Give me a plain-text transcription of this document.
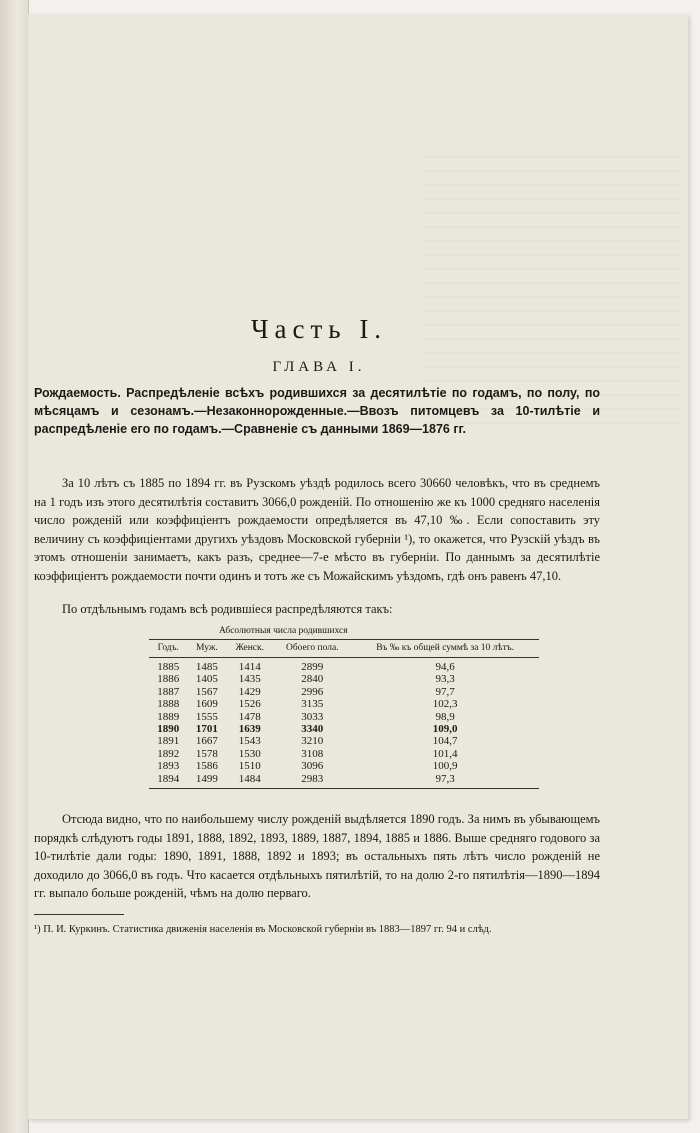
Часть I.
ГЛАВА I.
Рождаемость. Распредѣленіе всѣхъ родившихся за десятилѣтіе по годамъ, по полу, по мѣсяцамъ и сезонамъ.—Незаконнорожденные.—Ввозъ питомцевъ за 10-тилѣтіе и распредѣленіе его по годамъ.—Сравненіе съ данными 1869—1876 гг.
За 10 лѣтъ съ 1885 по 1894 гг. въ Рузскомъ уѣздѣ родилось всего 30660 человѣкъ, что въ среднемъ на 1 годъ изъ этого десятилѣтія составитъ 3066,0 рожденій. По отношенію же къ 1000 средняго населенія число рожденій или коэффиціентъ рождаемости опредѣляется въ 47,10 ‰. Если сопоставить эту величину съ коэффиціентами другихъ уѣздовъ Московской губерніи ¹), то окажется, что Рузскій уѣздъ въ этомъ отношеніи занимаетъ, какъ разъ, среднее—7-е мѣсто въ губерніи. По даннымъ за десятилѣтіе коэффиціентъ рождаемости почти одинъ и тотъ же съ Можайскимъ уѣздомъ, гдѣ онъ равенъ 47,10.
По отдѣльнымъ годамъ всѣ родившіеся распредѣляются такъ:
Абсолютныя числа родившихся
Годъ.	Муж.	Женск.	Обоего пола.	Въ ‰ къ общей суммѣ за 10 лѣтъ.
1885	1485	1414	2899	94,6
1886	1405	1435	2840	93,3
1887	1567	1429	2996	97,7
1888	1609	1526	3135	102,3
1889	1555	1478	3033	98,9
1890	1701	1639	3340	109,0
1891	1667	1543	3210	104,7
1892	1578	1530	3108	101,4
1893	1586	1510	3096	100,9
1894	1499	1484	2983	97,3
Отсюда видно, что по наибольшему числу рожденій выдѣляется 1890 годъ. За нимъ въ убывающемъ порядкѣ слѣдуютъ годы 1891, 1888, 1892, 1893, 1889, 1887, 1894, 1885 и 1886. Выше средняго годового за 10-тилѣтіе дали годы: 1890, 1891, 1888, 1892 и 1893; въ остальныхъ пять лѣтъ число рожденій не доходило до 3066,0 въ годъ. Что касается отдѣльныхъ пятилѣтій, то на долю 2-го пятилѣтія—1890—1894 гг. выпало больше рожденій, чѣмъ на долю перваго.
¹) П. И. Куркинъ. Статистика движенія населенія въ Московской губерніи въ 1883—1897 гг. 94 и слѣд.
